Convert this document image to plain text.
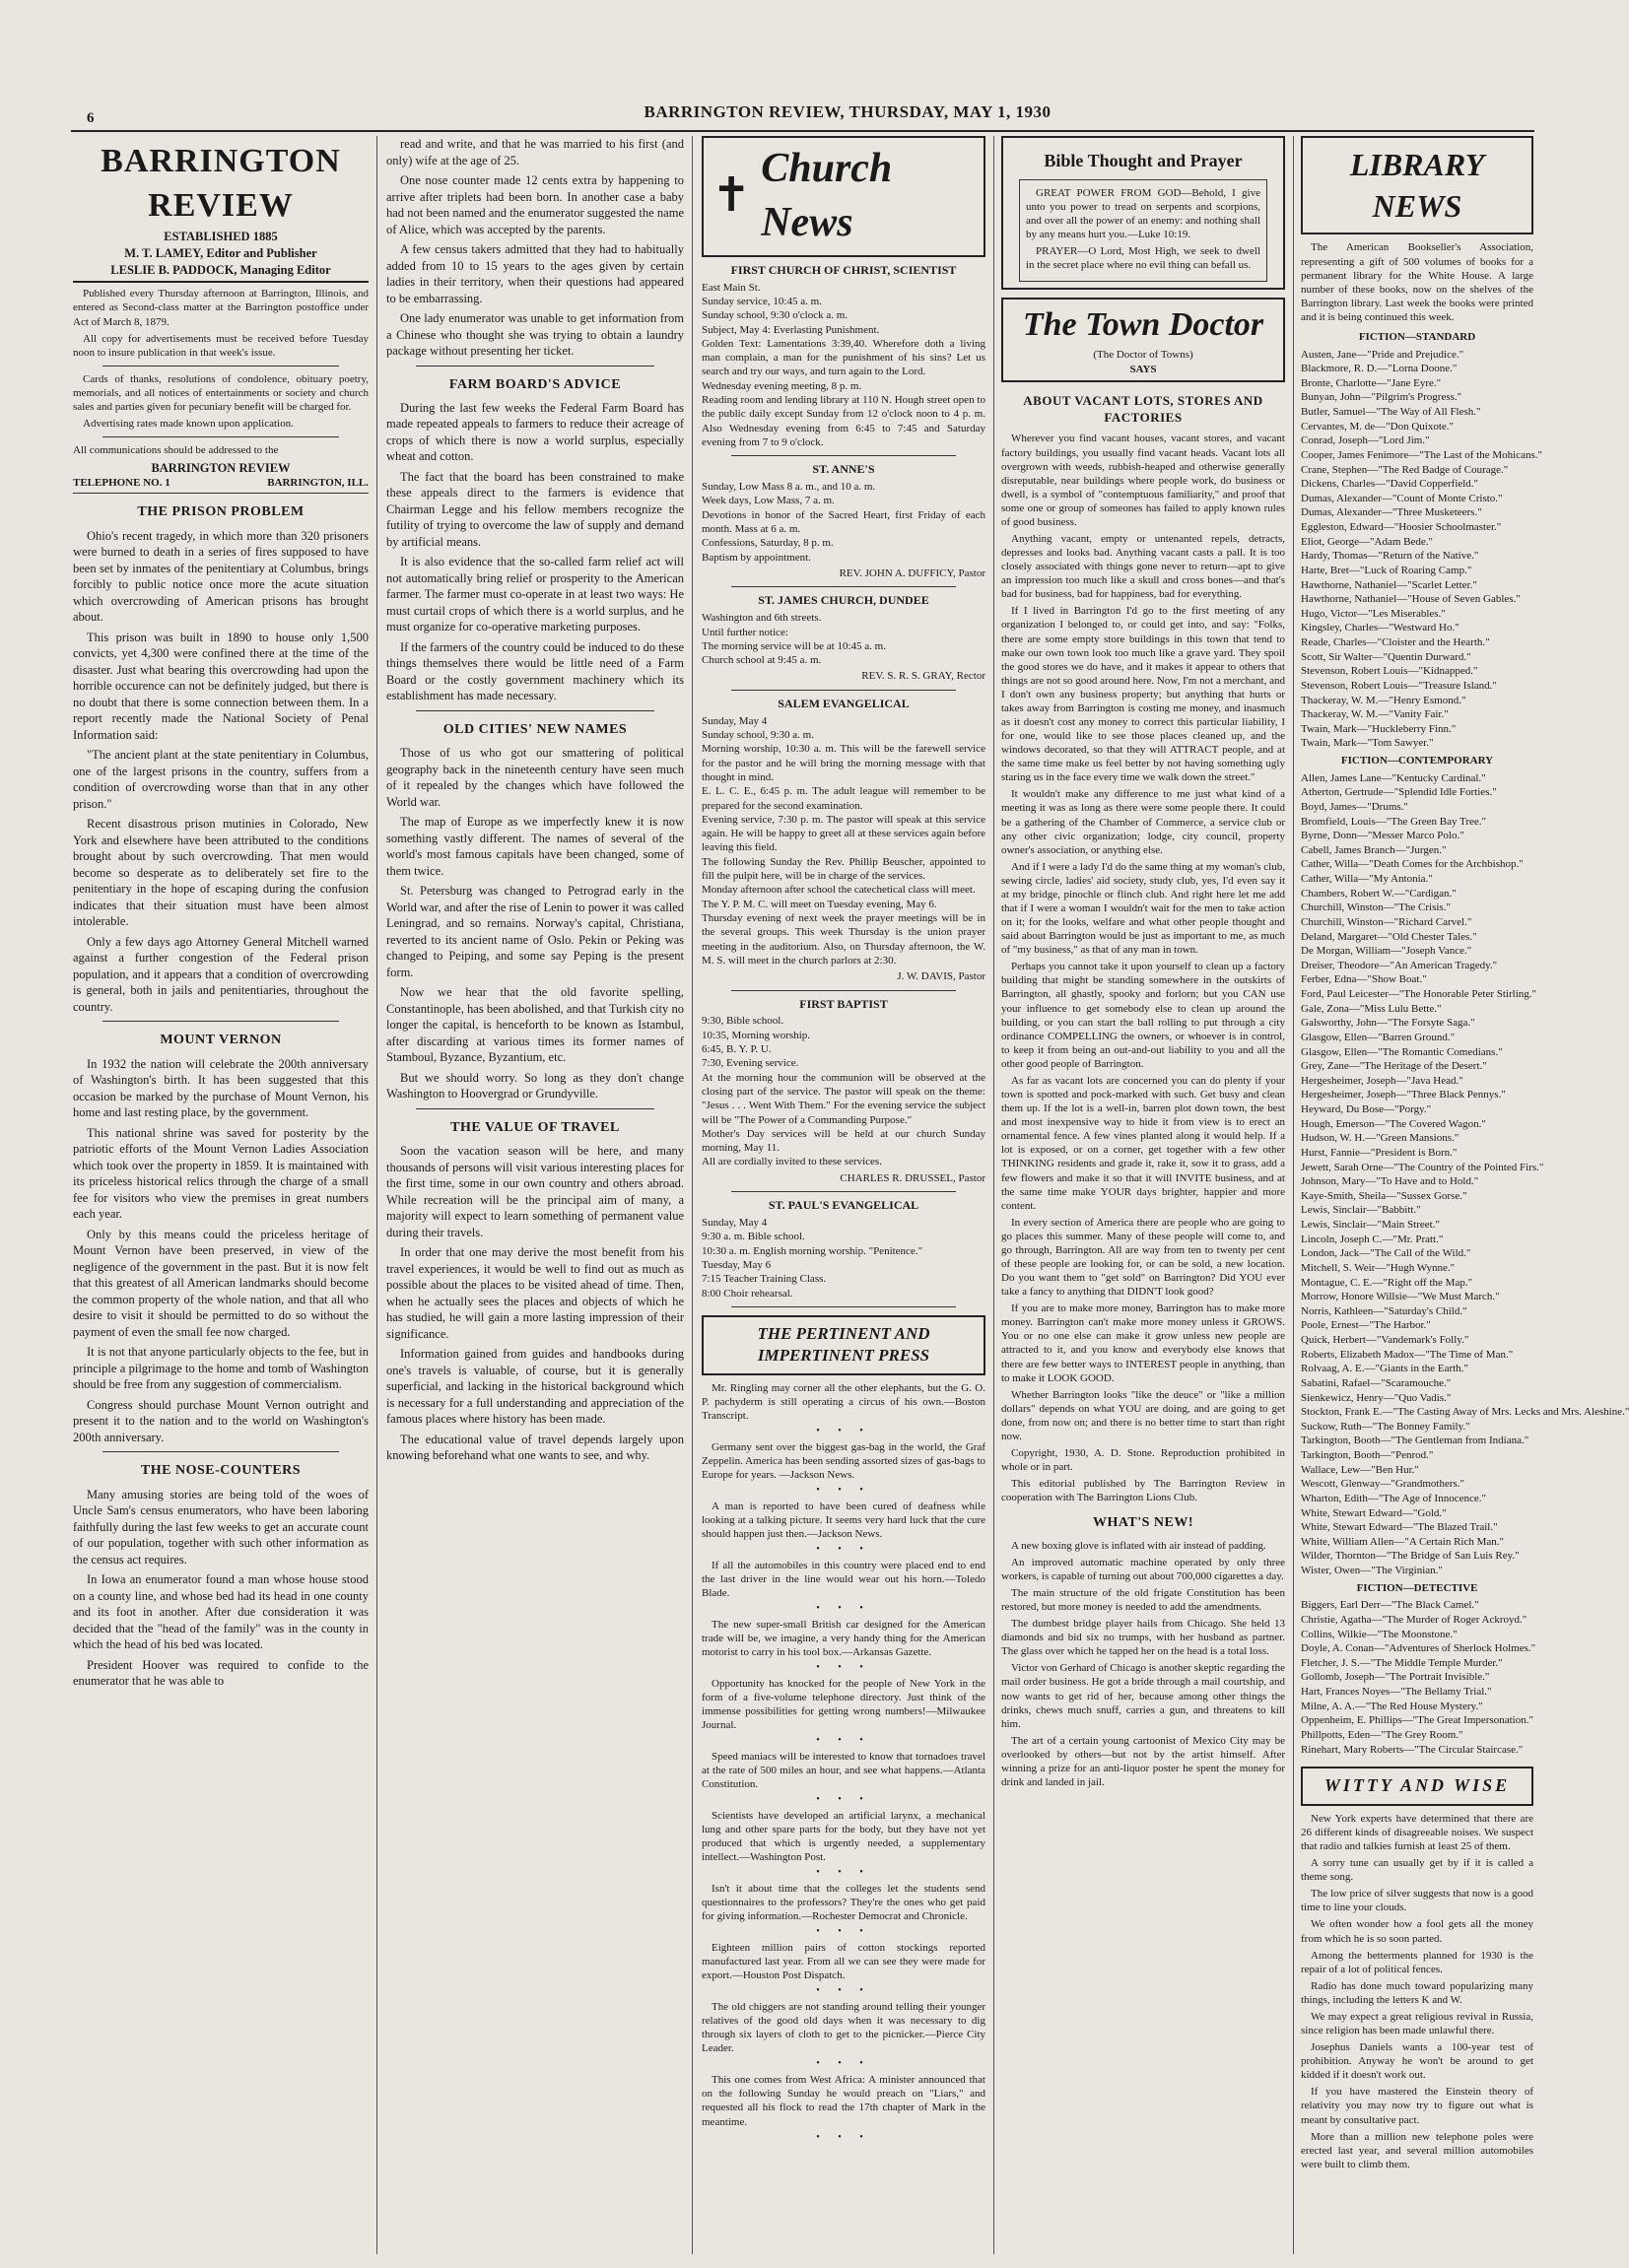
6	BARRINGTON REVIEW, THURSDAY, MAY 1, 1930
BARRINGTON REVIEW
ESTABLISHED 1885
M. T. LAMEY, Editor and Publisher
LESLIE B. PADDOCK, Managing Editor

Published every Thursday afternoon at Barrington, Illinois, and entered as Second-class matter at the Barrington postoffice under Act of March 8, 1879.

All copy for advertisements must be received before Tuesday noon to insure publication in that week's issue.

Cards of thanks, resolutions of condolence, obituary poetry, memorials, and all notices of entertainments or society and church sales and parties given for pecuniary benefit will be charged for.

Advertising rates made known upon application.

All communications should be addressed to the

BARRINGTON REVIEW
TELEPHONE NO. 1	BARRINGTON, ILL.
THE PRISON PROBLEM

Ohio's recent tragedy, in which more than 320 prisoners were burned to death in a series of fires supposed to have been set by inmates of the penitentiary at Columbus, brings forcibly to public notice once more the acute situation which overcrowding of American prisons has brought about.

This prison was built in 1890 to house only 1,500 convicts, yet 4,300 were confined there at the time of the disaster. Just what bearing this overcrowding had upon the horrible occurence can not be definitely judged, but there is no doubt that there is some connection between them. In a report recently made the National Society of Penal Information said:

"The ancient plant at the state penitentiary in Columbus, one of the largest prisons in the country, suffers from a condition of overcrowding worse than that in any other prison."

Recent disastrous prison mutinies in Colorado, New York and elsewhere have been attributed to the conditions brought about by such overcrowding. That men would become so desperate as to deliberately set fire to the penitentiary in the hope of escaping during the confusion indicates that their situation must have been almost intolerable.

Only a few days ago Attorney General Mitchell warned against a further congestion of the Federal prison population, and it appears that a condition of overcrowding is general, both in jails and penitentiaries, throughout the country.

MOUNT VERNON

In 1932 the nation will celebrate the 200th anniversary of Washington's birth. It has been suggested that this occasion be marked by the purchase of Mount Vernon, his home and last resting place, by the government.

This national shrine was saved for posterity by the patriotic efforts of the Mount Vernon Ladies Association which took over the property in 1859. It is maintained with its priceless historical relics through the charge of a small fee for visitors who view the premises in great numbers each year.

Only by this means could the priceless heritage of Mount Vernon have been preserved, in view of the negligence of the government in the past. But it is now felt that this greatest of all American landmarks should become the common property of the whole nation, and that all who desire to visit it should be permitted to do so without the payment of even the small fee now charged.

It is not that anyone particularly objects to the fee, but in principle a pilgrimage to the home and tomb of Washington should be free from any suggestion of commercialism.

Congress should purchase Mount Vernon outright and present it to the nation and to the world on Washington's 200th anniversary.

THE NOSE-COUNTERS

Many amusing stories are being told of the woes of Uncle Sam's census enumerators, who have been laboring faithfully during the last few weeks to get an accurate count of our population, together with such other information as the census act requires.

In Iowa an enumerator found a man whose house stood on a county line, and whose bed had its head in one county and its foot in another. After due consideration it was decided that the "head of the family" was in the county in which the head of his bed was located.

President Hoover was required to confide to the enumerator that he was able to

read and write, and that he was married to his first (and only) wife at the age of 25.

One nose counter made 12 cents extra by happening to arrive after triplets had been born. In another case a baby had not been named and the enumerator suggested the name of Alice, which was accepted by the parents.

A few census takers admitted that they had to habitually added from 10 to 15 years to the ages given by certain ladies in their territory, when their questions had appeared to be embarrassing.

One lady enumerator was unable to get information from a Chinese who thought she was trying to obtain a laundry package without presenting her ticket.

FARM BOARD'S ADVICE

During the last few weeks the Federal Farm Board has made repeated appeals to farmers to reduce their acreage of crops of which there is now a world surplus, especially wheat and cotton.

The fact that the board has been constrained to make these appeals direct to the farmers is evidence that Chairman Legge and his fellow members recognize the futility of trying to overcome the law of supply and demand by artificial means.

It is also evidence that the so-called farm relief act will not automatically bring relief or prosperity to the American farmer. The farmer must co-operate in at least two ways: He must curtail crops of which there is a world surplus, and he must organize for co-operative marketing purposes.

If the farmers of the country could be induced to do these things themselves there would be little need of a Farm Board or the costly government machinery which its establishment has made necessary.

OLD CITIES' NEW NAMES

Those of us who got our smattering of political geography back in the nineteenth century have seen much of it repealed by the changes which have followed the World war.

The map of Europe as we imperfectly knew it is now something vastly different. The names of several of the world's most famous capitals have been changed, some of them twice.

St. Petersburg was changed to Petrograd early in the World war, and after the rise of Lenin to power it was called Leningrad, and so remains. Norway's capital, Christiana, reverted to its ancient name of Oslo. Pekin or Peking was changed to Peiping, and some say Peping is the present form.

Now we hear that the old favorite spelling, Constantinople, has been abolished, and that Turkish city no longer the capital, is henceforth to be known as Istambul, after discarding at various times its former names of Stamboul, Byzance, Byzantium, etc.

But we should worry. So long as they don't change Washington to Hoovergrad or Grundyville.

THE VALUE OF TRAVEL

Soon the vacation season will be here, and many thousands of persons will visit various interesting places for the first time, some in our own country and others abroad. While recreation will be the principal aim of many, a majority will expect to learn something of permanent value during their travels.

In order that one may derive the most benefit from his travel experiences, it would be well to find out as much as possible about the places to be visited ahead of time. Then, when he actually sees the places and objects of which he has studied, he will gain a more lasting impression of their significance.

Information gained from guides and handbooks during one's travels is valuable, of course, but it is generally superficial, and lacking in the historical background which is necessary for a full understanding and appreciation of the famous places where history has been made.

The educational value of travel depends largely upon knowing beforehand what one wants to see, and why.

✝
Church News
FIRST CHURCH OF CHRIST, SCIENTIST

East Main St.

Sunday service, 10:45 a. m.

Sunday school, 9:30 o'clock a. m.

Subject, May 4: Everlasting Punishment.

Golden Text: Lamentations 3:39,40. Wherefore doth a living man complain, a man for the punishment of his sins? Let us search and try our ways, and turn again to the Lord.

Wednesday evening meeting, 8 p. m.

Reading room and lending library at 110 N. Hough street open to the public daily except Sunday from 12 o'clock noon to 4 p. m. Also Wednesday evening from 6:45 to 7:45 and Saturday evening from 7 to 9 o'clock.

ST. ANNE'S

Sunday, Low Mass 8 a. m., and 10 a. m.

Week days, Low Mass, 7 a. m.

Devotions in honor of the Sacred Heart, first Friday of each month. Mass at 6 a. m.

Confessions, Saturday, 8 p. m.

Baptism by appointment.

REV. JOHN A. DUFFICY, Pastor
ST. JAMES CHURCH, DUNDEE

Washington and 6th streets.

Until further notice:

The morning service will be at 10:45 a. m.

Church school at 9:45 a. m.

REV. S. R. S. GRAY, Rector
SALEM EVANGELICAL

Sunday, May 4

Sunday school, 9:30 a. m.

Morning worship, 10:30 a. m. This will be the farewell service for the pastor and he will bring the morning message with that thought in mind.

E. L. C. E., 6:45 p. m. The adult league will remember to be prepared for the second examination.

Evening service, 7:30 p. m. The pastor will speak at this service again. He will be happy to greet all at these services again before leaving this field.

The following Sunday the Rev. Phillip Beuscher, appointed to fill the pulpit here, will be in charge of the services.

Monday afternoon after school the catechetical class will meet.

The Y. P. M. C. will meet on Tuesday evening, May 6.

Thursday evening of next week the prayer meetings will be in the several groups. This week Thursday is the union prayer meeting in the auditorium. Also, on Thursday afternoon, the W. M. S. will meet in the church parlors at 2:30.

J. W. DAVIS, Pastor
FIRST BAPTIST

9:30, Bible school.

10:35, Morning worship.

6:45, B. Y. P. U.

7:30, Evening service.

At the morning hour the communion will be observed at the closing part of the service. The pastor will speak on the theme: "Jesus . . . Went With Them." For the evening service the subject will be "The Power of a Commanding Purpose."

Mother's Day services will be held at our church Sunday morning, May 11.

All are cordially invited to these services.

CHARLES R. DRUSSEL, Pastor
ST. PAUL'S EVANGELICAL

Sunday, May 4

9:30 a. m. Bible school.

10:30 a. m. English morning worship. "Penitence."

Tuesday, May 6

7:15 Teacher Training Class.

8:00 Choir rehearsal.

THE PERTINENT AND IMPERTINENT PRESS

Mr. Ringling may corner all the other elephants, but the G. O. P. pachyderm is still operating a circus of his own.—Boston Transcript.

• • •

Germany sent over the biggest gas-bag in the world, the Graf Zeppelin. America has been sending assorted sizes of gas-bags to Europe for years. —Jackson News.

• • •

A man is reported to have been cured of deafness while looking at a talking picture. It seems very hard luck that the cure should happen just then.—Jackson News.

• • •

If all the automobiles in this country were placed end to end the last driver in the line would wear out his horn.—Toledo Blade.

• • •

The new super-small British car designed for the American trade will be, we imagine, a very handy thing for the American motorist to carry in his tool box.—Arkansas Gazette.

• • •

Opportunity has knocked for the people of New York in the form of a five-volume telephone directory. Just think of the immense possibilities for getting wrong numbers!—Milwaukee Journal.

• • •

Speed maniacs will be interested to know that tornadoes travel at the rate of 500 miles an hour, and see what happens.—Atlanta Constitution.

• • •

Scientists have developed an artificial larynx, a mechanical lung and other spare parts for the body, but they have not yet produced that which is urgently needed, a supplementary intellect.—Washington Post.

• • •

Isn't it about time that the colleges let the students send questionnaires to the professors? They're the ones who get paid for giving information.—Rochester Democrat and Chronicle.

• • •

Eighteen million pairs of cotton stockings reported manufactured last year. From all we can see they were made for export.—Houston Post Dispatch.

• • •

The old chiggers are not standing around telling their younger relatives of the good old days when it was necessary to dig through six layers of cloth to get to the picnicker.—Pierce City Leader.

• • •

This one comes from West Africa: A minister announced that on the following Sunday he would preach on "Liars," and requested all his flock to read the 17th chapter of Mark in the meantime.

• • •
Bible Thought and Prayer

GREAT POWER FROM GOD—Behold, I give unto you power to tread on serpents and scorpions, and over all the power of an enemy: and nothing shall by any means hurt you.—Luke 10:19.

PRAYER—O Lord, Most High, we seek to dwell in the secret place where no evil thing can befall us.

The Town Doctor
(The Doctor of Towns)
SAYS
ABOUT VACANT LOTS, STORES AND FACTORIES

Wherever you find vacant houses, vacant stores, and vacant factory buildings, you usually find vacant heads. Vacant lots all overgrown with weeds, rubbish-heaped and otherwise generally disreputable, near buildings where people work, do business or dwell, is a symbol of "contemptuous familiarity," and proof that some one or group of someones has failed to apply known rules of good business.

Anything vacant, empty or untenanted repels, detracts, depresses and looks bad. Anything vacant casts a pall. It is too closely associated with things gone never to return—apt to give an impression too much like a skull and cross bones—and that's bad for business, bad for happiness, bad for everything.

If I lived in Barrington I'd go to the first meeting of any organization I belonged to, or could get into, and say: "Folks, there are some empty store buildings in this town that tend to make our own town look too much like a grave yard. They spoil the good stores we do have, and it makes it appear to others that things are not so good around here. Now, I'm not a merchant, and I don't own any business property; but anything that hurts or takes away from Barrington is costing me money, and inasmuch as it doesn't cost any money to correct this particular liability, I for one, would like to see those places cleaned up, and the windows decorated, so that they will ATTRACT people, and at the same time make us feel better by not having something ugly staring us in the face every time we walk down the street."

It wouldn't make any difference to me just what kind of a meeting it was as long as there were some people there. It could be a gathering of the Chamber of Commerce, a service club or any other civic organization; lodge, city council, property owner's association, or anything else.

And if I were a lady I'd do the same thing at my woman's club, sewing circle, ladies' aid society, study club, yes, I'd even say it at my bridge, pinochle or flinch club. And right here let me add that if I were a woman I wouldn't wait for the men to take action on it; for the looks, welfare and what other people thought and said about Barrington would be just as important to me, as much of "my business," as that of any man in town.

Perhaps you cannot take it upon yourself to clean up a factory building that might be standing somewhere in the outskirts of Barrington, all ghastly, spooky and forlorn; but you CAN use your influence to get somebody else to clean up around the building, or you can start the ball rolling to put through a city ordinance COMPELLING the owners, or whoever is in control, to keep it from being an out-and-out liability to you and all the other good people of Barrington.

As far as vacant lots are concerned you can do plenty if your town is spotted and pock-marked with such. Get busy and clean them up. If the lot is a well-in, barren plot down town, the best and most inexpensive way to hide it from view is to erect an ornamental fence. A few vines planted along it would help. If a lot is exposed, or on a corner, get together with a few other THINKING residents and grade it, rake it, sow it to grass, add a few flowers and make it so that it will INVITE business, and at the same time make YOUR days brighter, happier and more content.

In every section of America there are people who are going to go places this summer. Many of these people will come to, and go through, Barrington. All are way from ten to twenty per cent of these people are looking for, or can be sold, a new location. Do you want them to "get sold" on Barrington? Did YOU ever take a fancy to anything that DIDN'T look good?

If you are to make more money, Barrington has to make more money. Barrington can't make more money unless it GROWS. You or no one else can make it grow unless new people are attracted to it, and you know and everybody else knows that there are few better ways to INTEREST people in anything, than to make it LOOK GOOD.

Whether Barrington looks "like the deuce" or "like a million dollars" depends on what YOU are doing, and are going to get done, from now on; and there is no better time to start than right now.

Copyright, 1930, A. D. Stone. Reproduction prohibited in whole or in part.

This editorial published by The Barrington Review in cooperation with The Barrington Lions Club.

WHAT'S NEW!

A new boxing glove is inflated with air instead of padding.

An improved automatic machine operated by only three workers, is capable of turning out about 700,000 cigarettes a day.

The main structure of the old frigate Constitution has been restored, but more money is needed to add the amendments.

The dumbest bridge player hails from Chicago. She held 13 diamonds and bid six no trumps, with her husband as partner. The glass over which he tapped her on the head is a total loss.

Victor von Gerhard of Chicago is another skeptic regarding the mail order business. He got a bride through a mail courtship, and now wants to get rid of her, because among other things the drinks, chews much snuff, carries a gun, and threatens to kill him.

The art of a certain young cartoonist of Mexico City may be overlooked by others—but not by the artist himself. After winning a prize for an anti-liquor poster he spent the money for drink and landed in jail.

LIBRARY NEWS

The American Bookseller's Association, representing a gift of 500 volumes of books for a permanent library for the White House. A large number of these books, now on the shelves of the Barrington library. Last week the books were printed and it is being continued this week.

FICTION—STANDARD
Austen, Jane—"Pride and Prejudice."
Blackmore, R. D.—"Lorna Doone."
Bronte, Charlotte—"Jane Eyre."
Bunyan, John—"Pilgrim's Progress."
Butler, Samuel—"The Way of All Flesh."
Cervantes, M. de—"Don Quixote."
Conrad, Joseph—"Lord Jim."
Cooper, James Fenimore—"The Last of the Mohicans."
Crane, Stephen—"The Red Badge of Courage."
Dickens, Charles—"David Copperfield."
Dumas, Alexander—"Count of Monte Cristo."
Dumas, Alexander—"Three Musketeers."
Eggleston, Edward—"Hoosier Schoolmaster."
Eliot, George—"Adam Bede."
Hardy, Thomas—"Return of the Native."
Harte, Bret—"Luck of Roaring Camp."
Hawthorne, Nathaniel—"Scarlet Letter."
Hawthorne, Nathaniel—"House of Seven Gables."
Hugo, Victor—"Les Miserables."
Kingsley, Charles—"Westward Ho."
Reade, Charles—"Cloister and the Hearth."
Scott, Sir Walter—"Quentin Durward."
Stevenson, Robert Louis—"Kidnapped."
Stevenson, Robert Louis—"Treasure Island."
Thackeray, W. M.—"Henry Esmond."
Thackeray, W. M.—"Vanity Fair."
Twain, Mark—"Huckleberry Finn."
Twain, Mark—"Tom Sawyer."
FICTION—CONTEMPORARY
Allen, James Lane—"Kentucky Cardinal."
Atherton, Gertrude—"Splendid Idle Forties."
Boyd, James—"Drums."
Bromfield, Louis—"The Green Bay Tree."
Byrne, Donn—"Messer Marco Polo."
Cabell, James Branch—"Jurgen."
Cather, Willa—"Death Comes for the Archbishop."
Cather, Willa—"My Antonia."
Chambers, Robert W.—"Cardigan."
Churchill, Winston—"The Crisis."
Churchill, Winston—"Richard Carvel."
Deland, Margaret—"Old Chester Tales."
De Morgan, William—"Joseph Vance."
Dreiser, Theodore—"An American Tragedy."
Ferber, Edna—"Show Boat."
Ford, Paul Leicester—"The Honorable Peter Stirling."
Gale, Zona—"Miss Lulu Bette."
Galsworthy, John—"The Forsyte Saga."
Glasgow, Ellen—"Barren Ground."
Glasgow, Ellen—"The Romantic Comedians."
Grey, Zane—"The Heritage of the Desert."
Hergesheimer, Joseph—"Java Head."
Hergesheimer, Joseph—"Three Black Pennys."
Heyward, Du Bose—"Porgy."
Hough, Emerson—"The Covered Wagon."
Hudson, W. H.—"Green Mansions."
Hurst, Fannie—"President is Born."
Jewett, Sarah Orne—"The Country of the Pointed Firs."
Johnson, Mary—"To Have and to Hold."
Kaye-Smith, Sheila—"Sussex Gorse."
Lewis, Sinclair—"Babbitt."
Lewis, Sinclair—"Main Street."
Lincoln, Joseph C.—"Mr. Pratt."
London, Jack—"The Call of the Wild."
Mitchell, S. Weir—"Hugh Wynne."
Montague, C. E.—"Right off the Map."
Morrow, Honore Willsie—"We Must March."
Norris, Kathleen—"Saturday's Child."
Poole, Ernest—"The Harbor."
Quick, Herbert—"Vandemark's Folly."
Roberts, Elizabeth Madox—"The Time of Man."
Rolvaag, A. E.—"Giants in the Earth."
Sabatini, Rafael—"Scaramouche."
Sienkewicz, Henry—"Quo Vadis."
Stockton, Frank E.—"The Casting Away of Mrs. Lecks and Mrs. Aleshine."
Suckow, Ruth—"The Bonney Family."
Tarkington, Booth—"The Gentleman from Indiana."
Tarkington, Booth—"Penrod."
Wallace, Lew—"Ben Hur."
Wescott, Glenway—"Grandmothers."
Wharton, Edith—"The Age of Innocence."
White, Stewart Edward—"Gold."
White, Stewart Edward—"The Blazed Trail."
White, William Allen—"A Certain Rich Man."
Wilder, Thornton—"The Bridge of San Luis Rey."
Wister, Owen—"The Virginian."
FICTION—DETECTIVE
Biggers, Earl Derr—"The Black Camel."
Christie, Agatha—"The Murder of Roger Ackroyd."
Collins, Wilkie—"The Moonstone."
Doyle, A. Conan—"Adventures of Sherlock Holmes."
Fletcher, J. S.—"The Middle Temple Murder."
Gollomb, Joseph—"The Portrait Invisible."
Hart, Frances Noyes—"The Bellamy Trial."
Milne, A. A.—"The Red House Mystery."
Oppenheim, E. Phillips—"The Great Impersonation."
Phillpotts, Eden—"The Grey Room."
Rinehart, Mary Roberts—"The Circular Staircase."
WITTY AND WISE

New York experts have determined that there are 26 different kinds of disagreeable noises. We suspect that radio and talkies furnish at least 25 of them.

A sorry tune can usually get by if it is called a theme song.

The low price of silver suggests that now is a good time to line your clouds.

We often wonder how a fool gets all the money from which he is so soon parted.

Among the betterments planned for 1930 is the repair of a lot of political fences.

Radio has done much toward popularizing many things, including the letters K and W.

We may expect a great religious revival in Russia, since religion has been made unlawful there.

Josephus Daniels wants a 100-year test of prohibition. Anyway he won't be around to get kidded if it doesn't work out.

If you have mastered the Einstein theory of relativity you may now try to figure out what is meant by consultative pact.

More than a million new telephone poles were erected last year, and several million automobiles were built to climb them.
